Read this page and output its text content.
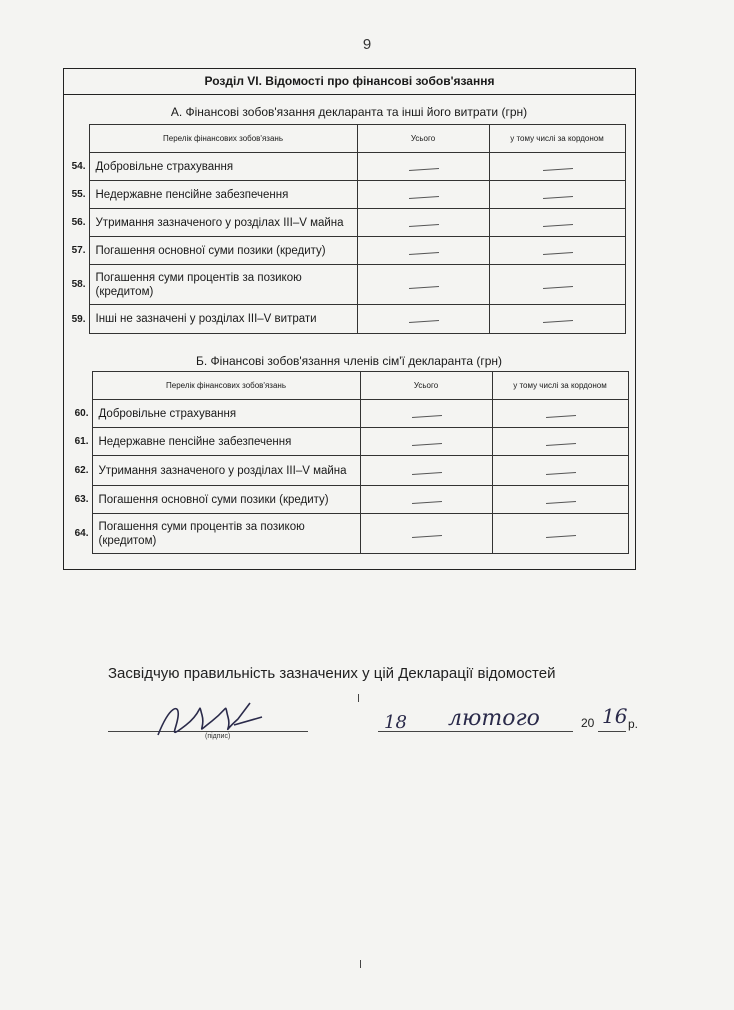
9
Розділ VI. Відомості про фінансові зобов'язання
А. Фінансові зобов'язання декларанта та інші його витрати (грн)
	Перелік фінансових зобов'язань	Усього	у тому числі за кордоном
54.	Добровільне страхування		
55.	Недержавне пенсійне забезпечення		
56.	Утримання зазначеного у розділах III–V майна		
57.	Погашення основної суми позики (кредиту)		
58.	Погашення суми процентів за позикою (кредитом)		
59.	Інші не зазначені у розділах III–V витрати		
Б. Фінансові зобов'язання членів сім'ї декларанта (грн)
	Перелік фінансових зобов'язань	Усього	у тому числі за кордоном
60.	Добровільне страхування		
61.	Недержавне пенсійне забезпечення		
62.	Утримання зазначеного у розділах III–V майна		
63.	Погашення основної суми позики (кредиту)		
64.	Погашення суми процентів за позикою (кредитом)		
Засвідчую правильність зазначених у цій Декларації відомостей
(підпис)
18 лютого	20 16 р.
